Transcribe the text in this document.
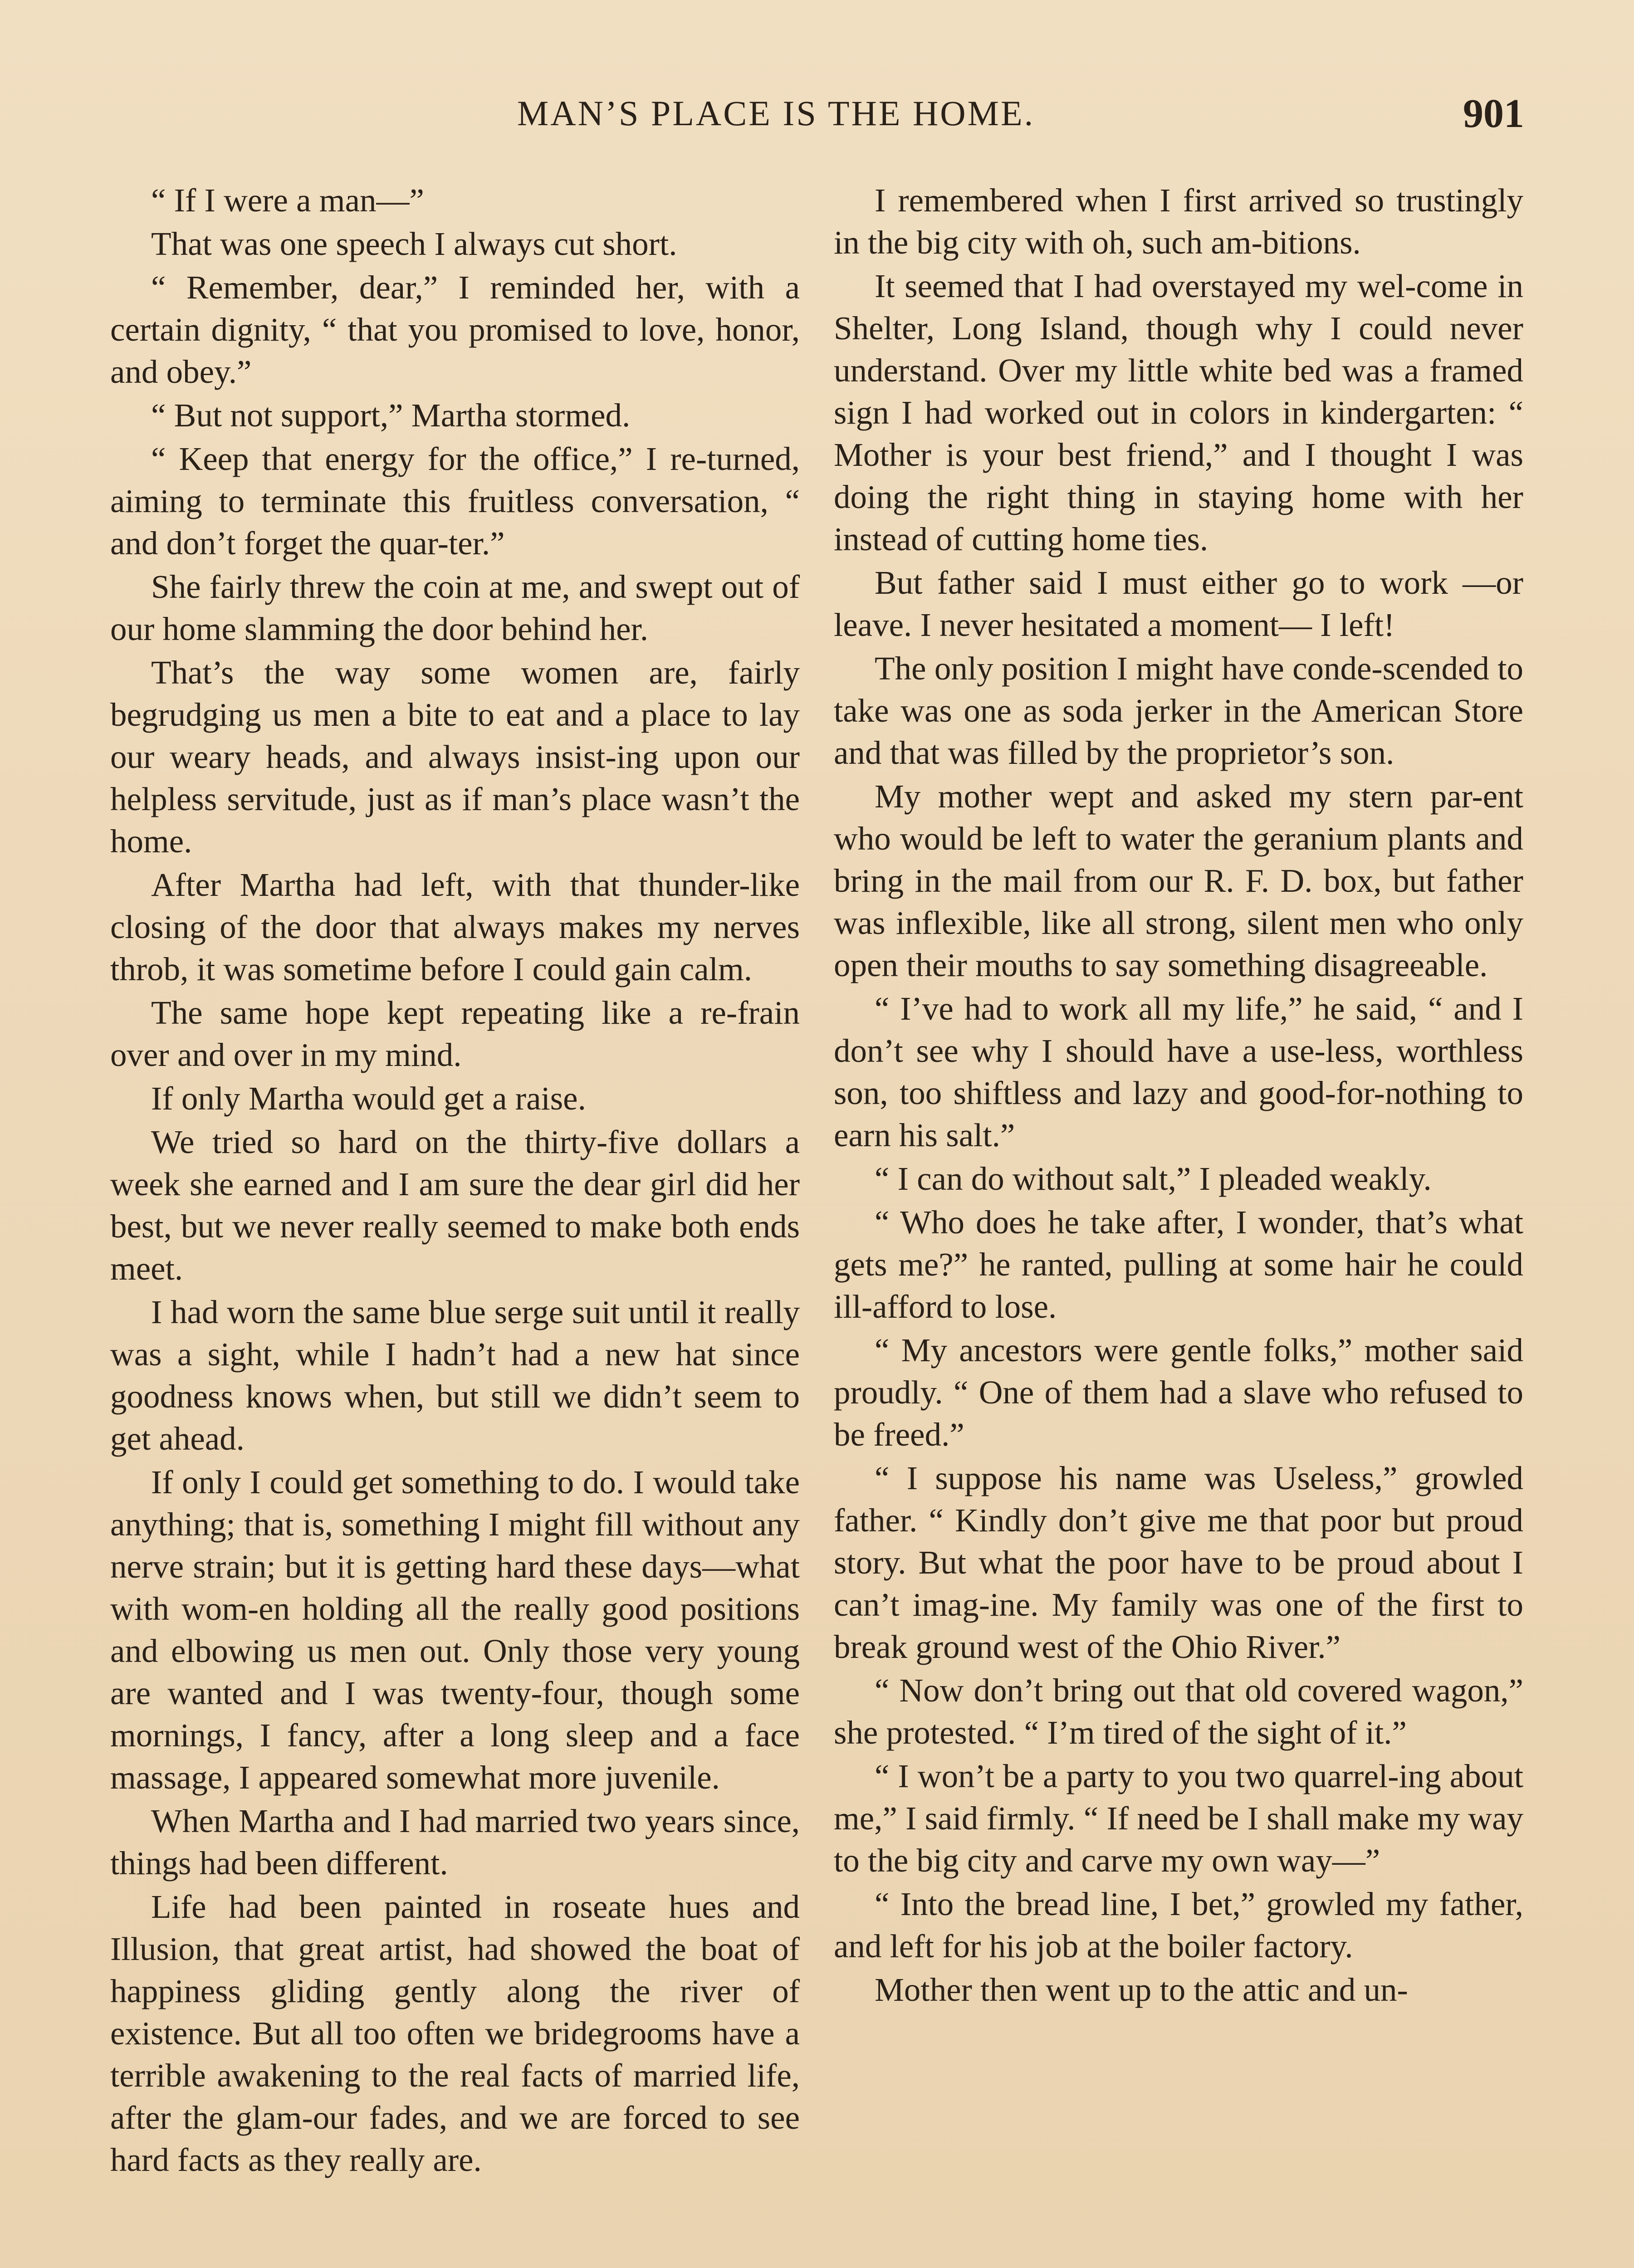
MAN’S PLACE IS THE HOME.	901

“ If I were a man—”

That was one speech I always cut short.

“ Remember, dear,” I reminded her, with a certain dignity, “ that you promised to love, honor, and obey.”

“ But not support,” Martha stormed.

“ Keep that energy for the office,” I re-turned, aiming to terminate this fruitless conversation, “ and don’t forget the quar-ter.”

She fairly threw the coin at me, and swept out of our home slamming the door behind her.

That’s the way some women are, fairly begrudging us men a bite to eat and a place to lay our weary heads, and always insist-ing upon our helpless servitude, just as if man’s place wasn’t the home.

After Martha had left, with that thunder-like closing of the door that always makes my nerves throb, it was sometime before I could gain calm.

The same hope kept repeating like a re-frain over and over in my mind.

If only Martha would get a raise.

We tried so hard on the thirty-five dollars a week she earned and I am sure the dear girl did her best, but we never really seemed to make both ends meet.

I had worn the same blue serge suit until it really was a sight, while I hadn’t had a new hat since goodness knows when, but still we didn’t seem to get ahead.

If only I could get something to do. I would take anything; that is, something I might fill without any nerve strain; but it is getting hard these days—what with wom-en holding all the really good positions and elbowing us men out. Only those very young are wanted and I was twenty-four, though some mornings, I fancy, after a long sleep and a face massage, I appeared somewhat more juvenile.

When Martha and I had married two years since, things had been different.

Life had been painted in roseate hues and Illusion, that great artist, had showed the boat of happiness gliding gently along the river of existence. But all too often we bridegrooms have a terrible awakening to the real facts of married life, after the glam-our fades, and we are forced to see hard facts as they really are.

I remembered when I first arrived so trustingly in the big city with oh, such am-bitions.

It seemed that I had overstayed my wel-come in Shelter, Long Island, though why I could never understand. Over my little white bed was a framed sign I had worked out in colors in kindergarten: “ Mother is your best friend,” and I thought I was doing the right thing in staying home with her instead of cutting home ties.

But father said I must either go to work —or leave. I never hesitated a moment— I left!

The only position I might have conde-scended to take was one as soda jerker in the American Store and that was filled by the proprietor’s son.

My mother wept and asked my stern par-ent who would be left to water the geranium plants and bring in the mail from our R. F. D. box, but father was inflexible, like all strong, silent men who only open their mouths to say something disagreeable.

“ I’ve had to work all my life,” he said, “ and I don’t see why I should have a use-less, worthless son, too shiftless and lazy and good-for-nothing to earn his salt.”

“ I can do without salt,” I pleaded weakly.

“ Who does he take after, I wonder, that’s what gets me?” he ranted, pulling at some hair he could ill-afford to lose.

“ My ancestors were gentle folks,” mother said proudly. “ One of them had a slave who refused to be freed.”

“ I suppose his name was Useless,” growled father. “ Kindly don’t give me that poor but proud story. But what the poor have to be proud about I can’t imag-ine. My family was one of the first to break ground west of the Ohio River.”

“ Now don’t bring out that old covered wagon,” she protested. “ I’m tired of the sight of it.”

“ I won’t be a party to you two quarrel-ing about me,” I said firmly. “ If need be I shall make my way to the big city and carve my own way—”

“ Into the bread line, I bet,” growled my father, and left for his job at the boiler factory.

Mother then went up to the attic and un-
